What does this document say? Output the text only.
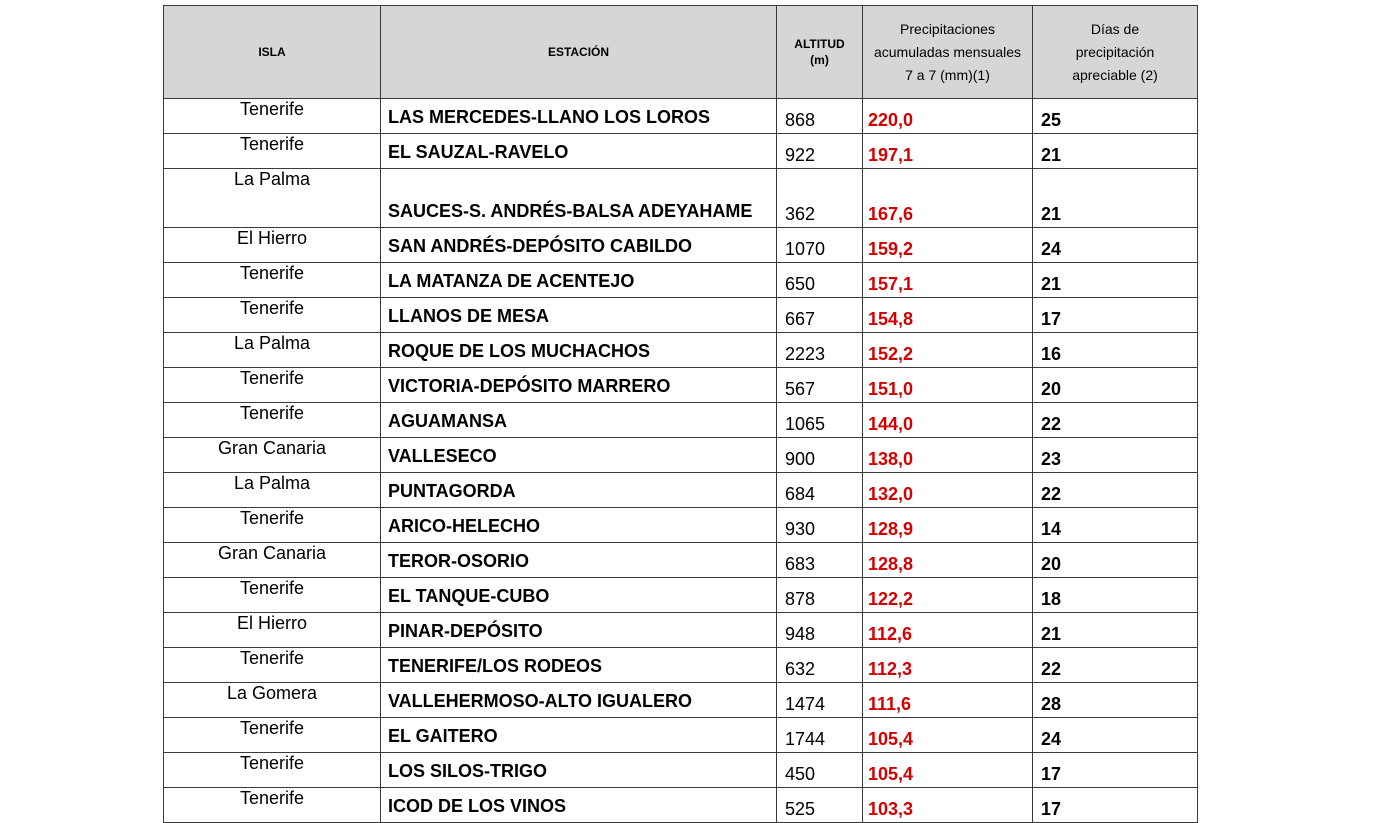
ISLA	ESTACIÓN	ALTITUD (m)	Precipitaciones acumuladas mensuales 7 a 7 (mm)(1)	Días de precipitación apreciable (2)
Tenerife	LAS MERCEDES-LLANO LOS LOROS	868	220,0	25
Tenerife	EL SAUZAL-RAVELO	922	197,1	21
La Palma	SAUCES-S. ANDRÉS-BALSA ADEYAHAME	362	167,6	21
El Hierro	SAN ANDRÉS-DEPÓSITO CABILDO	1070	159,2	24
Tenerife	LA MATANZA DE ACENTEJO	650	157,1	21
Tenerife	LLANOS DE MESA	667	154,8	17
La Palma	ROQUE DE LOS MUCHACHOS	2223	152,2	16
Tenerife	VICTORIA-DEPÓSITO MARRERO	567	151,0	20
Tenerife	AGUAMANSA	1065	144,0	22
Gran Canaria	VALLESECO	900	138,0	23
La Palma	PUNTAGORDA	684	132,0	22
Tenerife	ARICO-HELECHO	930	128,9	14
Gran Canaria	TEROR-OSORIO	683	128,8	20
Tenerife	EL TANQUE-CUBO	878	122,2	18
El Hierro	PINAR-DEPÓSITO	948	112,6	21
Tenerife	TENERIFE/LOS RODEOS	632	112,3	22
La Gomera	VALLEHERMOSO-ALTO IGUALERO	1474	111,6	28
Tenerife	EL GAITERO	1744	105,4	24
Tenerife	LOS SILOS-TRIGO	450	105,4	17
Tenerife	ICOD DE LOS VINOS	525	103,3	17
